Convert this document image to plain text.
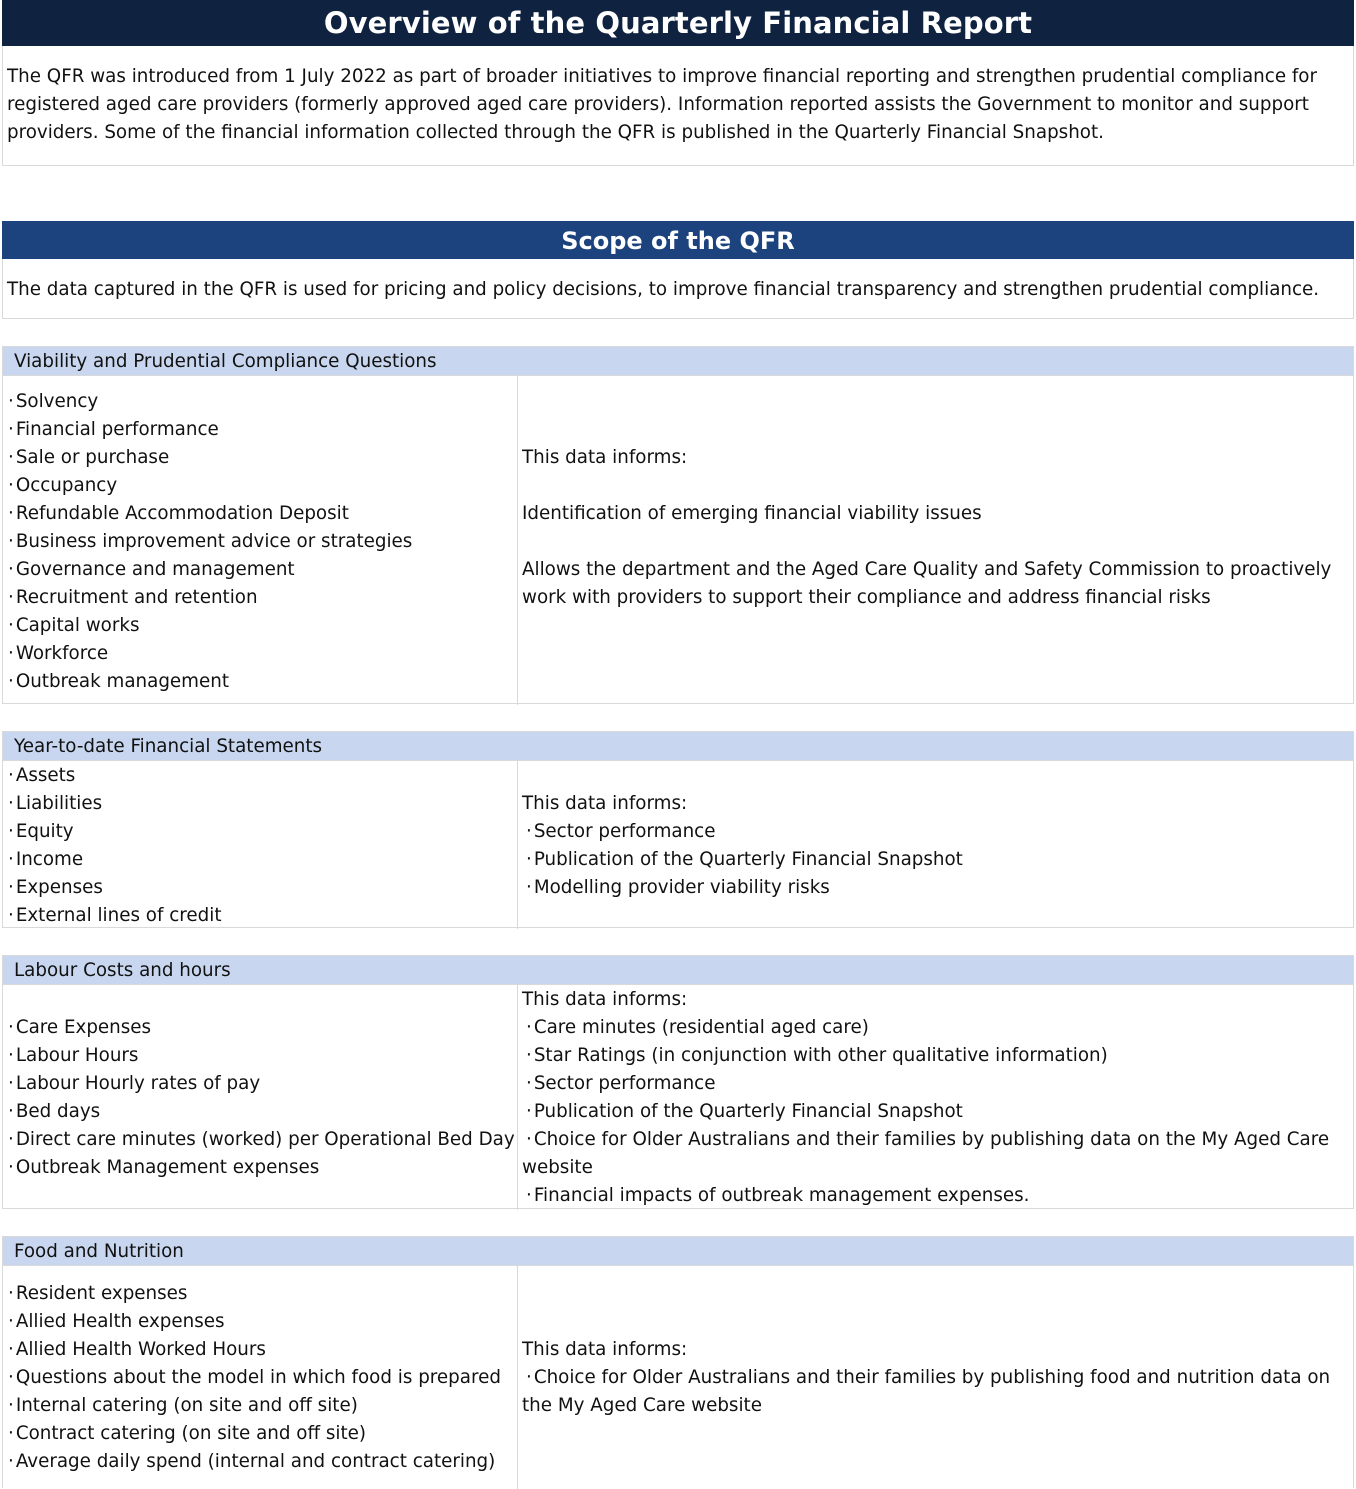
Overview of the Quarterly Financial Report
The QFR was introduced from 1 July 2022 as part of broader initiatives to improve financial reporting and strengthen prudential compliance for registered aged care providers (formerly approved aged care providers). Information reported assists the Government to monitor and support providers. Some of the financial information collected through the QFR is published in the Quarterly Financial Snapshot.
Scope of the QFR
The data captured in the QFR is used for pricing and policy decisions, to improve financial transparency and strengthen prudential compliance.
Viability and Prudential Compliance Questions
· Solvency
· Financial performance
· Sale or purchase
· Occupancy
· Refundable Accommodation Deposit
· Business improvement advice or strategies
· Governance and management
· Recruitment and retention
· Capital works
· Workforce
· Outbreak management
This data informs:
Identification of emerging financial viability issues
Allows the department and the Aged Care Quality and Safety Commission to proactively work with providers to support their compliance and address financial risks
Year-to-date Financial Statements
· Assets
· Liabilities
· Equity
· Income
· Expenses
· External lines of credit
This data informs:
· Sector performance
· Publication of the Quarterly Financial Snapshot
· Modelling provider viability risks
Labour Costs and hours
· Care Expenses
· Labour Hours
· Labour Hourly rates of pay
· Bed days
· Direct care minutes (worked) per Operational Bed Day
· Outbreak Management expenses
This data informs:
· Care minutes (residential aged care)
· Star Ratings (in conjunction with other qualitative information)
· Sector performance
· Publication of the Quarterly Financial Snapshot
· Choice for Older Australians and their families by publishing data on the My Aged Care website
· Financial impacts of outbreak management expenses.
Food and Nutrition
· Resident expenses
· Allied Health expenses
· Allied Health Worked Hours
· Questions about the model in which food is prepared
· Internal catering (on site and off site)
· Contract catering (on site and off site)
· Average daily spend (internal and contract catering)
This data informs:
· Choice for Older Australians and their families by publishing food and nutrition data on the My Aged Care website
